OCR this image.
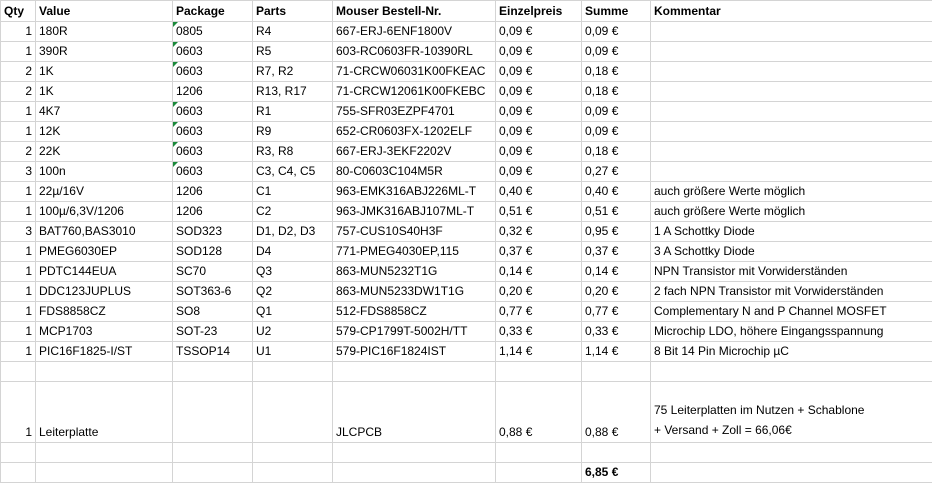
Qty	Value	Package	Parts	Mouser Bestell-Nr.	Einzelpreis	Summe	Kommentar
1	180R	0805	R4	667-ERJ-6ENF1800V	0,09 €	0,09 €	
1	390R	0603	R5	603-RC0603FR-10390RL	0,09 €	0,09 €	
2	1K	0603	R7, R2	71-CRCW06031K00FKEAC	0,09 €	0,18 €	
2	1K	1206	R13, R17	71-CRCW12061K00FKEBC	0,09 €	0,18 €	
1	4K7	0603	R1	755-SFR03EZPF4701	0,09 €	0,09 €	
1	12K	0603	R9	652-CR0603FX-1202ELF	0,09 €	0,09 €	
2	22K	0603	R3, R8	667-ERJ-3EKF2202V	0,09 €	0,18 €	
3	100n	0603	C3, C4, C5	80-C0603C104M5R	0,09 €	0,27 €	
1	22µ/16V	1206	C1	963-EMK316ABJ226ML-T	0,40 €	0,40 €	auch größere Werte möglich
1	100µ/6,3V/1206	1206	C2	963-JMK316ABJ107ML-T	0,51 €	0,51 €	auch größere Werte möglich
3	BAT760,BAS3010	SOD323	D1, D2, D3	757-CUS10S40H3F	0,32 €	0,95 €	1 A Schottky Diode
1	PMEG6030EP	SOD128	D4	771-PMEG4030EP,115	0,37 €	0,37 €	3 A Schottky Diode
1	PDTC144EUA	SC70	Q3	863-MUN5232T1G	0,14 €	0,14 €	NPN Transistor mit Vorwiderständen
1	DDC123JUPLUS	SOT363-6	Q2	863-MUN5233DW1T1G	0,20 €	0,20 €	2 fach NPN Transistor mit Vorwiderständen
1	FDS8858CZ	SO8	Q1	512-FDS8858CZ	0,77 €	0,77 €	Complementary N and P Channel MOSFET
1	MCP1703	SOT-23	U2	579-CP1799T-5002H/TT	0,33 €	0,33 €	Microchip LDO, höhere Eingangsspannung
1	PIC16F1825-I/ST	TSSOP14	U1	579-PIC16F1824IST	1,14 €	1,14 €	8 Bit 14 Pin Microchip µC

1	Leiterplatte			JLCPCB	0,88 €	0,88 €	75 Leiterplatten im Nutzen + Schablone
+ Versand + Zoll = 66,06€

						6,85 €	
